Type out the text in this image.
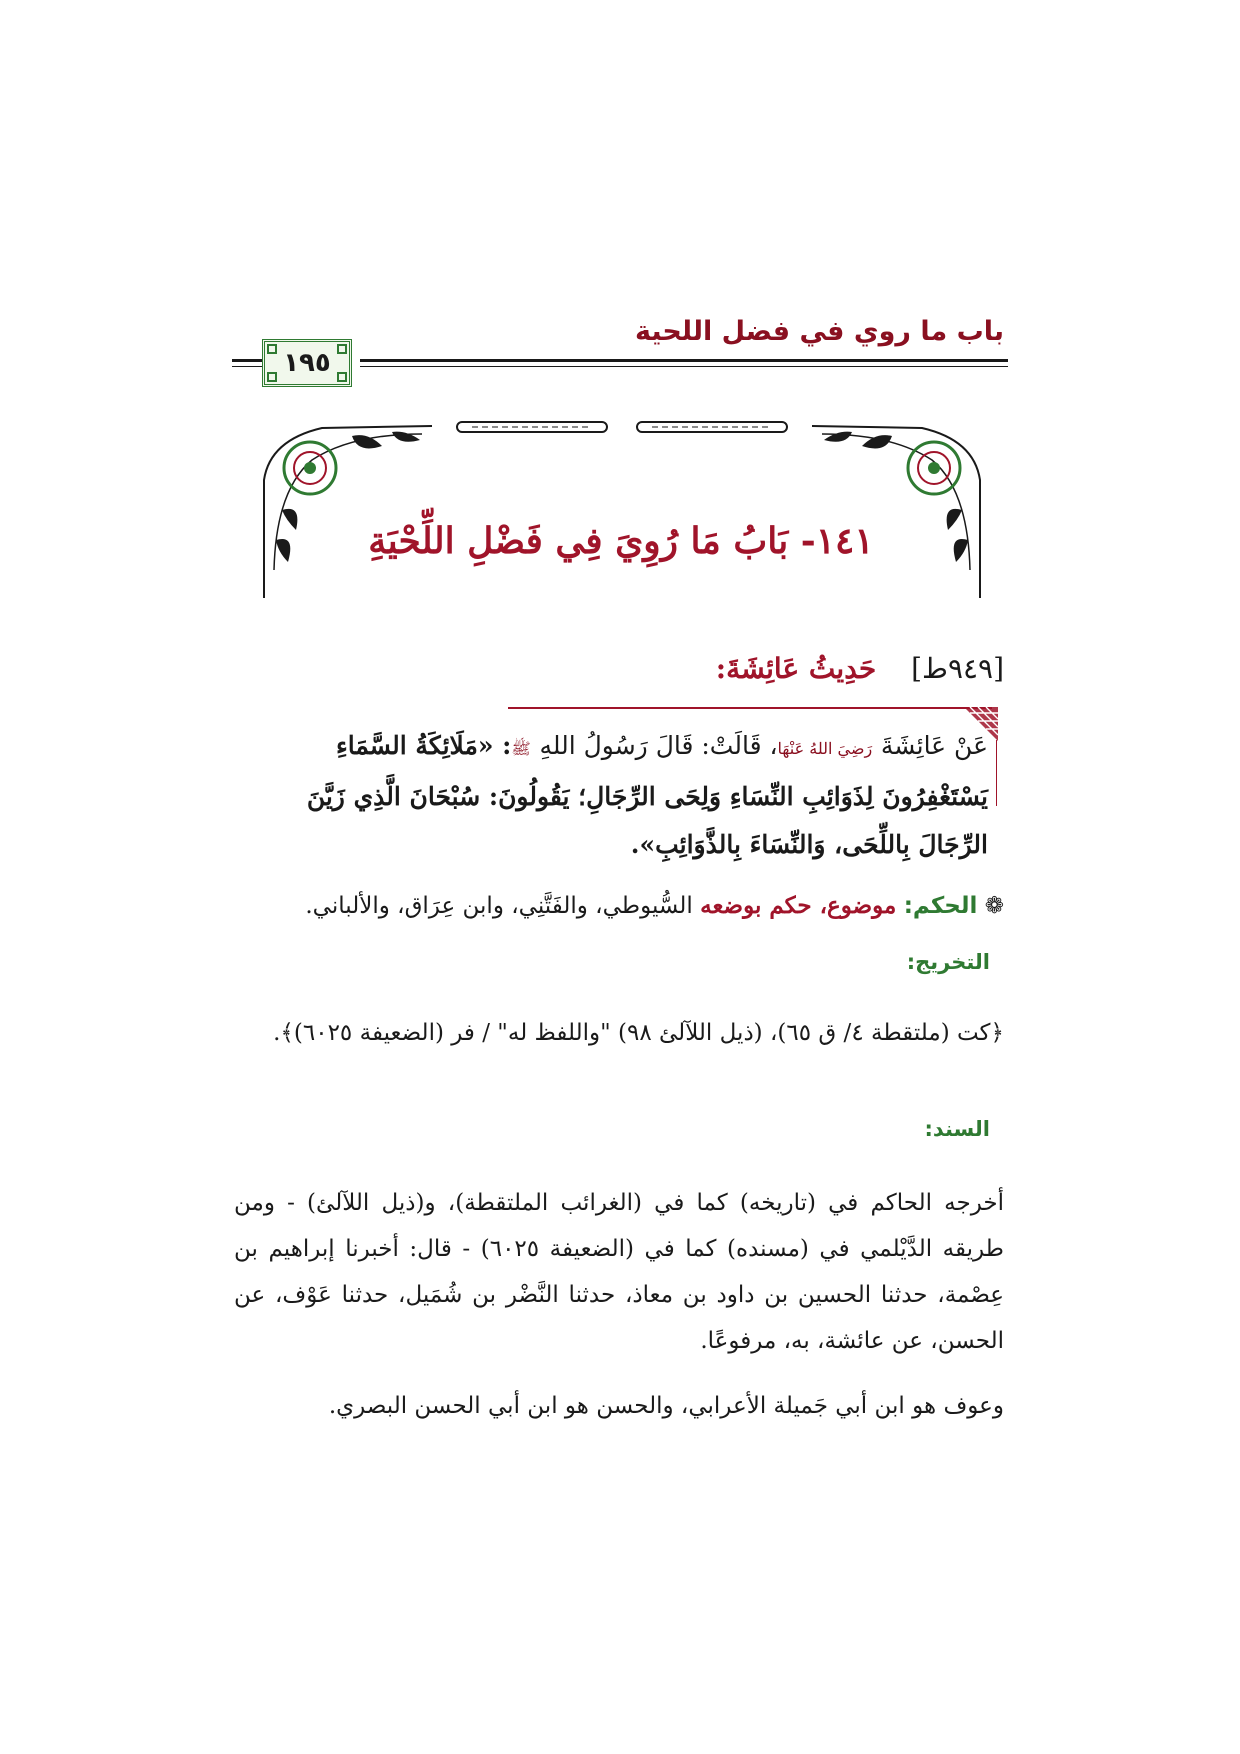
باب ما روي في فضل اللحية
١٩٥
١٤١- بَابُ مَا رُوِيَ فِي فَضْلِ اللِّحْيَةِ
[٩٤٩ط] حَدِيثُ عَائِشَةَ:
عَنْ عَائِشَةَ رَضِيَ اللهُ عَنْهَا، قَالَتْ: قَالَ رَسُولُ اللهِ ﷺ: «مَلَائِكَةُ السَّمَاءِ يَسْتَغْفِرُونَ لِذَوَائِبِ النِّسَاءِ وَلِحَى الرِّجَالِ؛ يَقُولُونَ: سُبْحَانَ الَّذِي زَيَّنَ الرِّجَالَ بِاللِّحَى، وَالنِّسَاءَ بِالذَّوَائِبِ».
❁ الحكم: موضوع، حكم بوضعه السُّيوطي، والفَتَّنِي، وابن عِرَاق، والألباني.
التخريج:
﴿كت (ملتقطة ٤/ ق ٦٥)، (ذيل اللآلئ ٩٨) "واللفظ له" / فر (الضعيفة ٦٠٢٥)﴾.
السند:
أخرجه الحاكم في (تاريخه) كما في (الغرائب الملتقطة)، و(ذيل اللآلئ) - ومن طريقه الدَّيْلمي في (مسنده) كما في (الضعيفة ٦٠٢٥) - قال: أخبرنا إبراهيم بن عِصْمة، حدثنا الحسين بن داود بن معاذ، حدثنا النَّضْر بن شُمَيل، حدثنا عَوْف، عن الحسن، عن عائشة، به، مرفوعًا.
وعوف هو ابن أبي جَميلة الأعرابي، والحسن هو ابن أبي الحسن البصري.
